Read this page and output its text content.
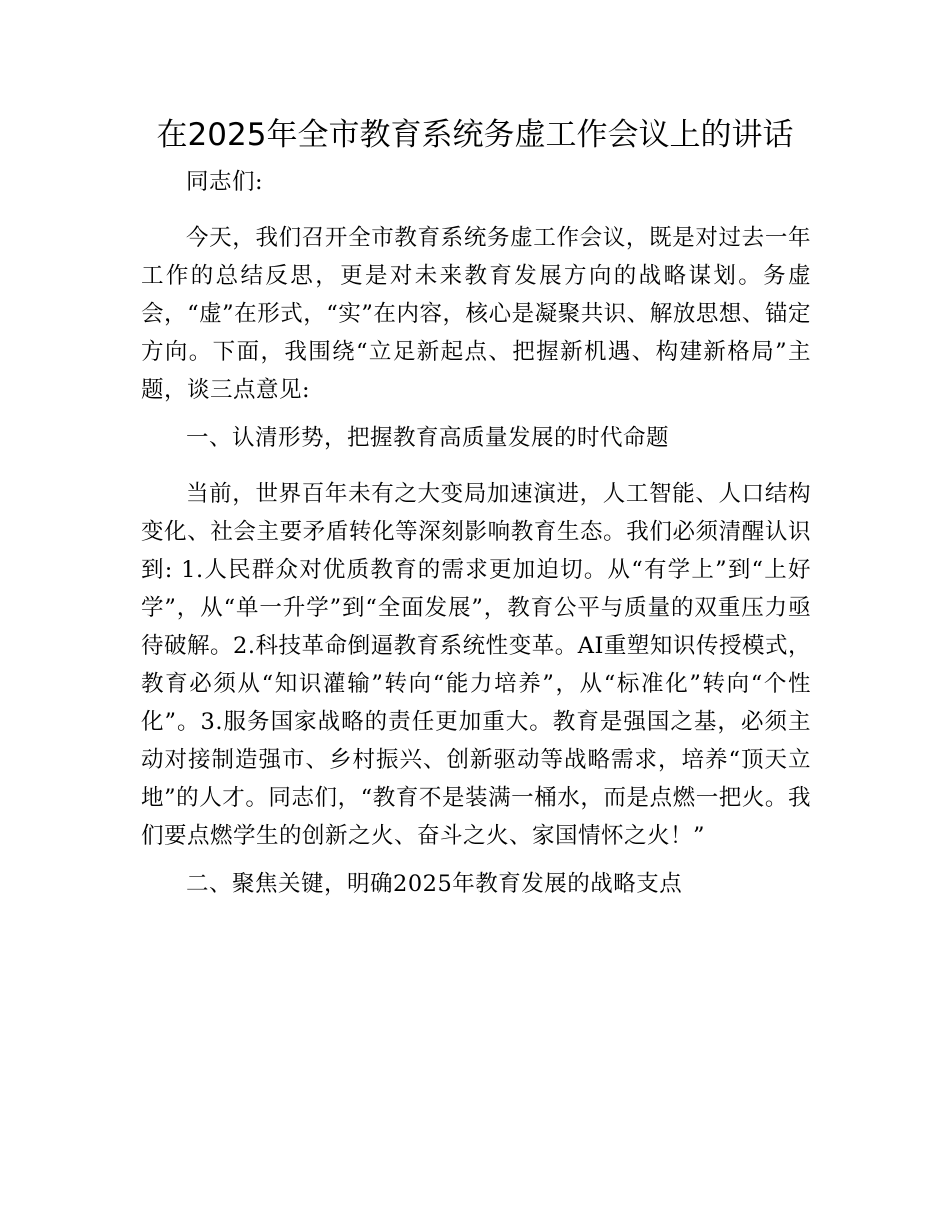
在2025年全市教育系统务虚工作会议上的讲话

同志们:

今天，我们召开全市教育系统务虚工作会议，既是对过去一年工作的总结反思，更是对未来教育发展方向的战略谋划。务虚会，“虚”在形式，“实”在内容，核心是凝聚共识、解放思想、锚定方向。下面，我围绕“立足新起点、把握新机遇、构建新格局”主题，谈三点意见:

一、认清形势，把握教育高质量发展的时代命题

当前，世界百年未有之大变局加速演进，人工智能、人口结构变化、社会主要矛盾转化等深刻影响教育生态。我们必须清醒认识到: 1.人民群众对优质教育的需求更加迫切。从“有学上”到“上好学”，从“单一升学”到“全面发展”，教育公平与质量的双重压力亟待破解。2.科技革命倒逼教育系统性变革。AI重塑知识传授模式，教育必须从“知识灌输”转向“能力培养”，从“标准化”转向“个性化”。3.服务国家战略的责任更加重大。教育是强国之基，必须主动对接制造强市、乡村振兴、创新驱动等战略需求，培养“顶天立地”的人才。同志们，“教育不是装满一桶水，而是点燃一把火。我们要点燃学生的创新之火、奋斗之火、家国情怀之火！”

二、聚焦关键，明确2025年教育发展的战略支点
